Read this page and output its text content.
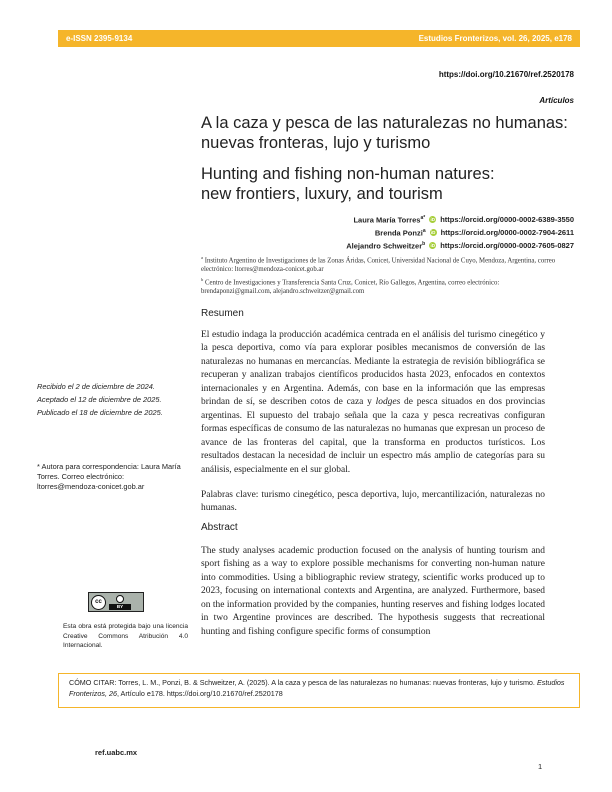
e-ISSN 2395-9134	Estudios Fronterizos, vol. 26, 2025, e178
https://doi.org/10.21670/ref.2520178
Artículos
A la caza y pesca de las naturalezas no humanas:
nuevas fronteras, lujo y turismo
Hunting and fishing non-human natures:
new frontiers, luxury, and tourism
Laura María Torres$^{a*}$ iD https://orcid.org/0000-0002-6389-3550
Brenda Ponzi$^a$ iD https://orcid.org/0000-0002-7904-2611
Alejandro Schweitzer$^b$ iD https://orcid.org/0000-0002-7605-0827

$^a$ Instituto Argentino de Investigaciones de las Zonas Áridas, Conicet, Universidad Nacional de Cuyo, Mendoza, Argentina, correo electrónico: ltorres@mendoza-conicet.gob.ar

$^b$ Centro de Investigaciones y Transferencia Santa Cruz, Conicet, Río Gallegos, Argentina, correo electrónico: brendaponzi@gmail.com, alejandro.schweitzer@gmail.com

Resumen

El estudio indaga la producción académica centrada en el análisis del turismo cinegético y la pesca deportiva, como vía para explorar posibles mecanismos de conversión de las naturalezas no humanas en mercancías. Mediante la estrategia de revisión bibliográfica se recuperan y analizan trabajos científicos producidos hasta 2023, enfocados en contextos internacionales y en Argentina. Además, con base en la información que las empresas brindan de sí, se describen cotos de caza y lodges de pesca situados en dos provincias argentinas. El supuesto del trabajo señala que la caza y pesca recreativas configuran formas específicas de consumo de las naturalezas no humanas que expresan un proceso de avance de las fronteras del capital, que la transforma en productos turísticos. Los resultados destacan la necesidad de incluir un espectro más amplio de categorías para su análisis, especialmente en el sur global.

Palabras clave: turismo cinegético, pesca deportiva, lujo, mercantilización, naturalezas no humanas.

Abstract

The study analyses academic production focused on the analysis of hunting tourism and sport fishing as a way to explore possible mechanisms for converting non-human nature into commodities. Using a bibliographic review strategy, scientific works produced up to 2023, focusing on international contexts and Argentina, are analyzed. Furthermore, based on the information provided by the companies, hunting reserves and fishing lodges located in two Argentine provinces are described. The hypothesis suggests that recreational hunting and fishing configure specific forms of consumption

Recibido el 2 de diciembre de 2024.

Aceptado el 12 de diciembre de 2025.

Publicado el 18 de diciembre de 2025.

* Autora para correspondencia: Laura María Torres. Correo electrónico: ltorres@mendoza-conicet.gob.ar
cc
BY
Esta obra está protegida bajo una licencia Creative Commons Atribución 4.0 Internacional.
CÓMO CITAR: Torres, L. M., Ponzi, B. & Schweitzer, A. (2025). A la caza y pesca de las naturalezas no humanas: nuevas fronteras, lujo y turismo. Estudios Fronterizos, 26, Artículo e178. https://doi.org/10.21670/ref.2520178
ref.uabc.mx
1
